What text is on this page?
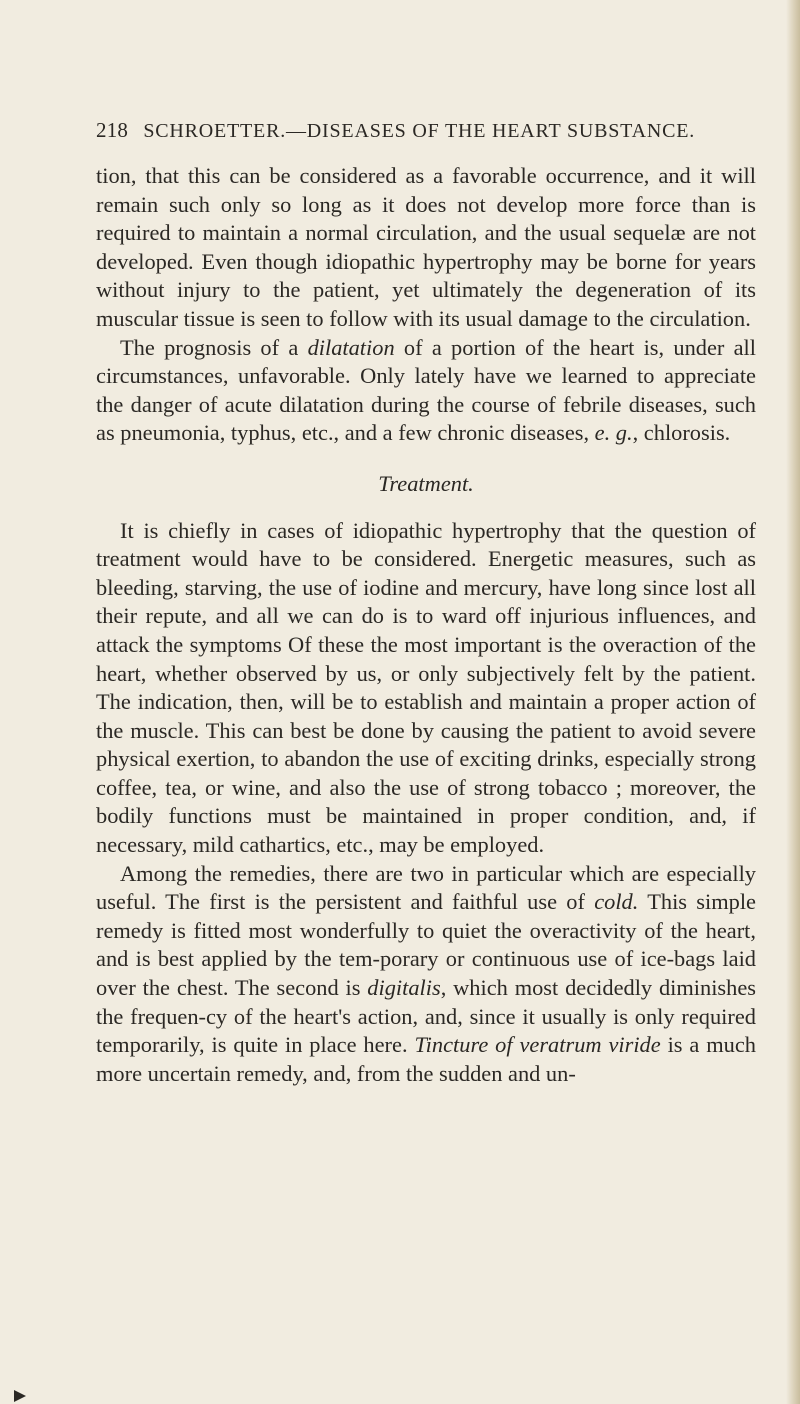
218 SCHROETTER.—DISEASES OF THE HEART SUBSTANCE.

tion, that this can be considered as a favorable occurrence, and it will remain such only so long as it does not develop more force than is required to maintain a normal circulation, and the usual sequelæ are not developed. Even though idiopathic hypertrophy may be borne for years without injury to the patient, yet ultimately the degeneration of its muscular tissue is seen to follow with its usual damage to the circulation.

The prognosis of a dilatation of a portion of the heart is, under all circumstances, unfavorable. Only lately have we learned to appreciate the danger of acute dilatation during the course of febrile diseases, such as pneumonia, typhus, etc., and a few chronic diseases, e. g., chlorosis.

Treatment.

It is chiefly in cases of idiopathic hypertrophy that the question of treatment would have to be considered. Energetic measures, such as bleeding, starving, the use of iodine and mercury, have long since lost all their repute, and all we can do is to ward off injurious influences, and attack the symptoms Of these the most important is the overaction of the heart, whether observed by us, or only subjectively felt by the patient. The indication, then, will be to establish and maintain a proper action of the muscle. This can best be done by causing the patient to avoid severe physical exertion, to abandon the use of exciting drinks, especially strong coffee, tea, or wine, and also the use of strong tobacco ; moreover, the bodily functions must be maintained in proper condition, and, if necessary, mild cathartics, etc., may be employed.

Among the remedies, there are two in particular which are especially useful. The first is the persistent and faithful use of cold. This simple remedy is fitted most wonderfully to quiet the overactivity of the heart, and is best applied by the tem-porary or continuous use of ice-bags laid over the chest. The second is digitalis, which most decidedly diminishes the frequen-cy of the heart's action, and, since it usually is only required temporarily, is quite in place here. Tincture of veratrum viride is a much more uncertain remedy, and, from the sudden and un-
